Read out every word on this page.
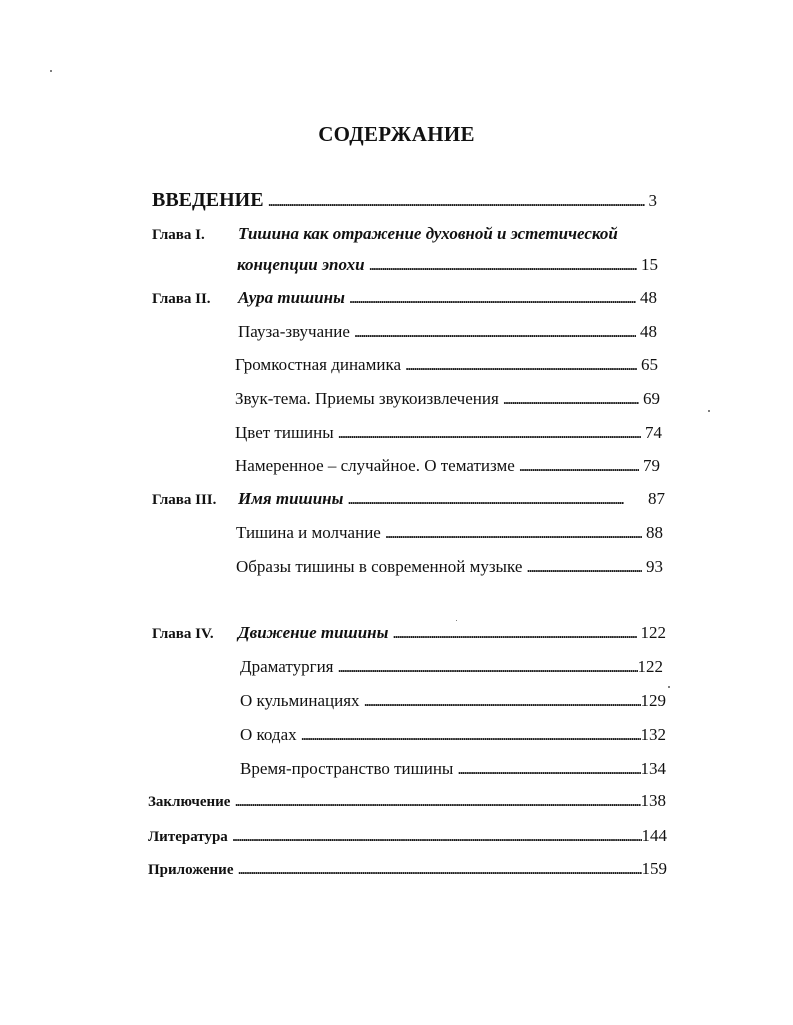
СОДЕРЖАНИЕ
ВВЕДЕНИЕ . . .	3
Глава I.	Тишина как отражение духовной и эстетической
концепции эпохи . . .	15
Глава II.	Аура тишины . . .	48
Пауза-звучание . . .	48
Громкостная динамика . . .	65
Звук-тема. Приемы звукоизвлечения . . .	69
Цвет тишины . . .	74
Намеренное – случайное. О тематизме . . .	79
Глава III.	Имя тишины . . .	87
Тишина и молчание . . .	88
Образы тишины в современной музыке . . .	93
Глава IV.	Движение тишины . . .	122
Драматургия . . .	122
О кульминациях . . .	129
О кодах . . .	132
Время-пространство тишины . . .	134
Заключение . . .	138
Литература . . .	144
Приложение . . .	159
